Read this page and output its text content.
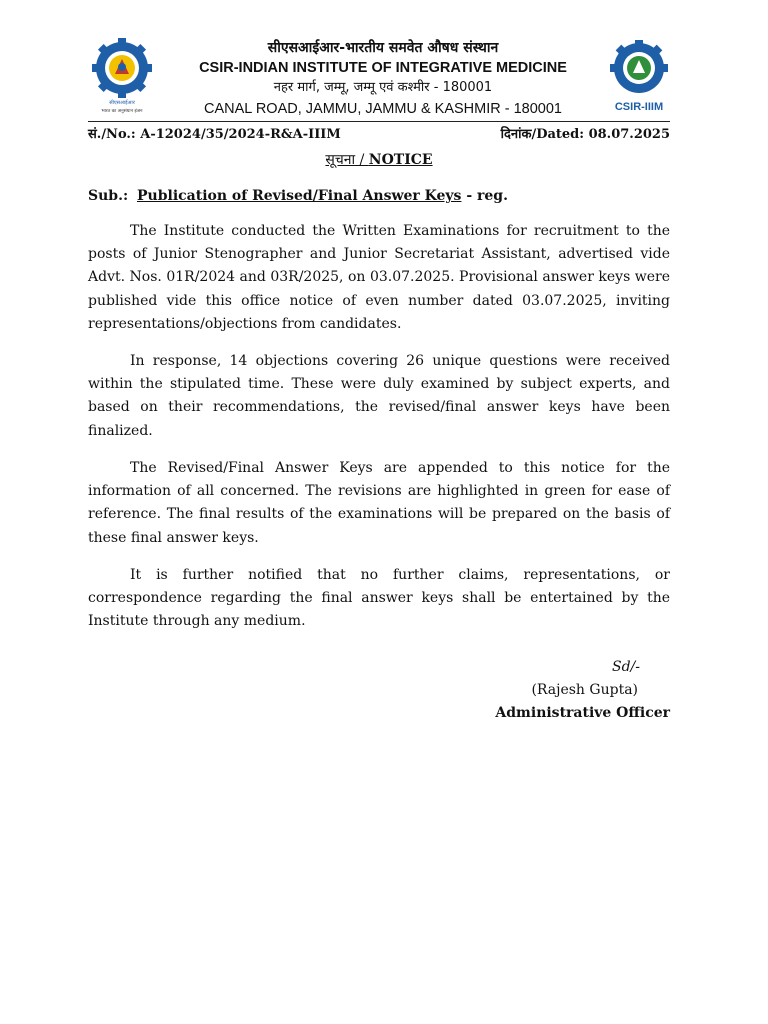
सीएसआईआर
भारत का अनुसंधान इंजन
सीएसआईआर-भारतीय समवेत औषध संस्थान
CSIR-INDIAN INSTITUTE OF INTEGRATIVE MEDICINE
नहर मार्ग, जम्मू, जम्मू एवं कश्मीर - 180001
CANAL ROAD, JAMMU, JAMMU & KASHMIR - 180001	CSIR-IIIM
सं./No.: A-12024/35/2024-R&A-IIIM	दिनांक/Dated: 08.07.2025
सूचना / NOTICE
Sub.: Publication of Revised/Final Answer Keys - reg.

The Institute conducted the Written Examinations for recruitment to the posts of Junior Stenographer and Junior Secretariat Assistant, advertised vide Advt. Nos. 01R/2024 and 03R/2025, on 03.07.2025. Provisional answer keys were published vide this office notice of even number dated 03.07.2025, inviting representations/objections from candidates.

In response, 14 objections covering 26 unique questions were received within the stipulated time. These were duly examined by subject experts, and based on their recommendations, the revised/final answer keys have been finalized.

The Revised/Final Answer Keys are appended to this notice for the information of all concerned. The revisions are highlighted in green for ease of reference. The final results of the examinations will be prepared on the basis of these final answer keys.

It is further notified that no further claims, representations, or correspondence regarding the final answer keys shall be entertained by the Institute through any medium.

Sd/-
(Rajesh Gupta)
Administrative Officer
